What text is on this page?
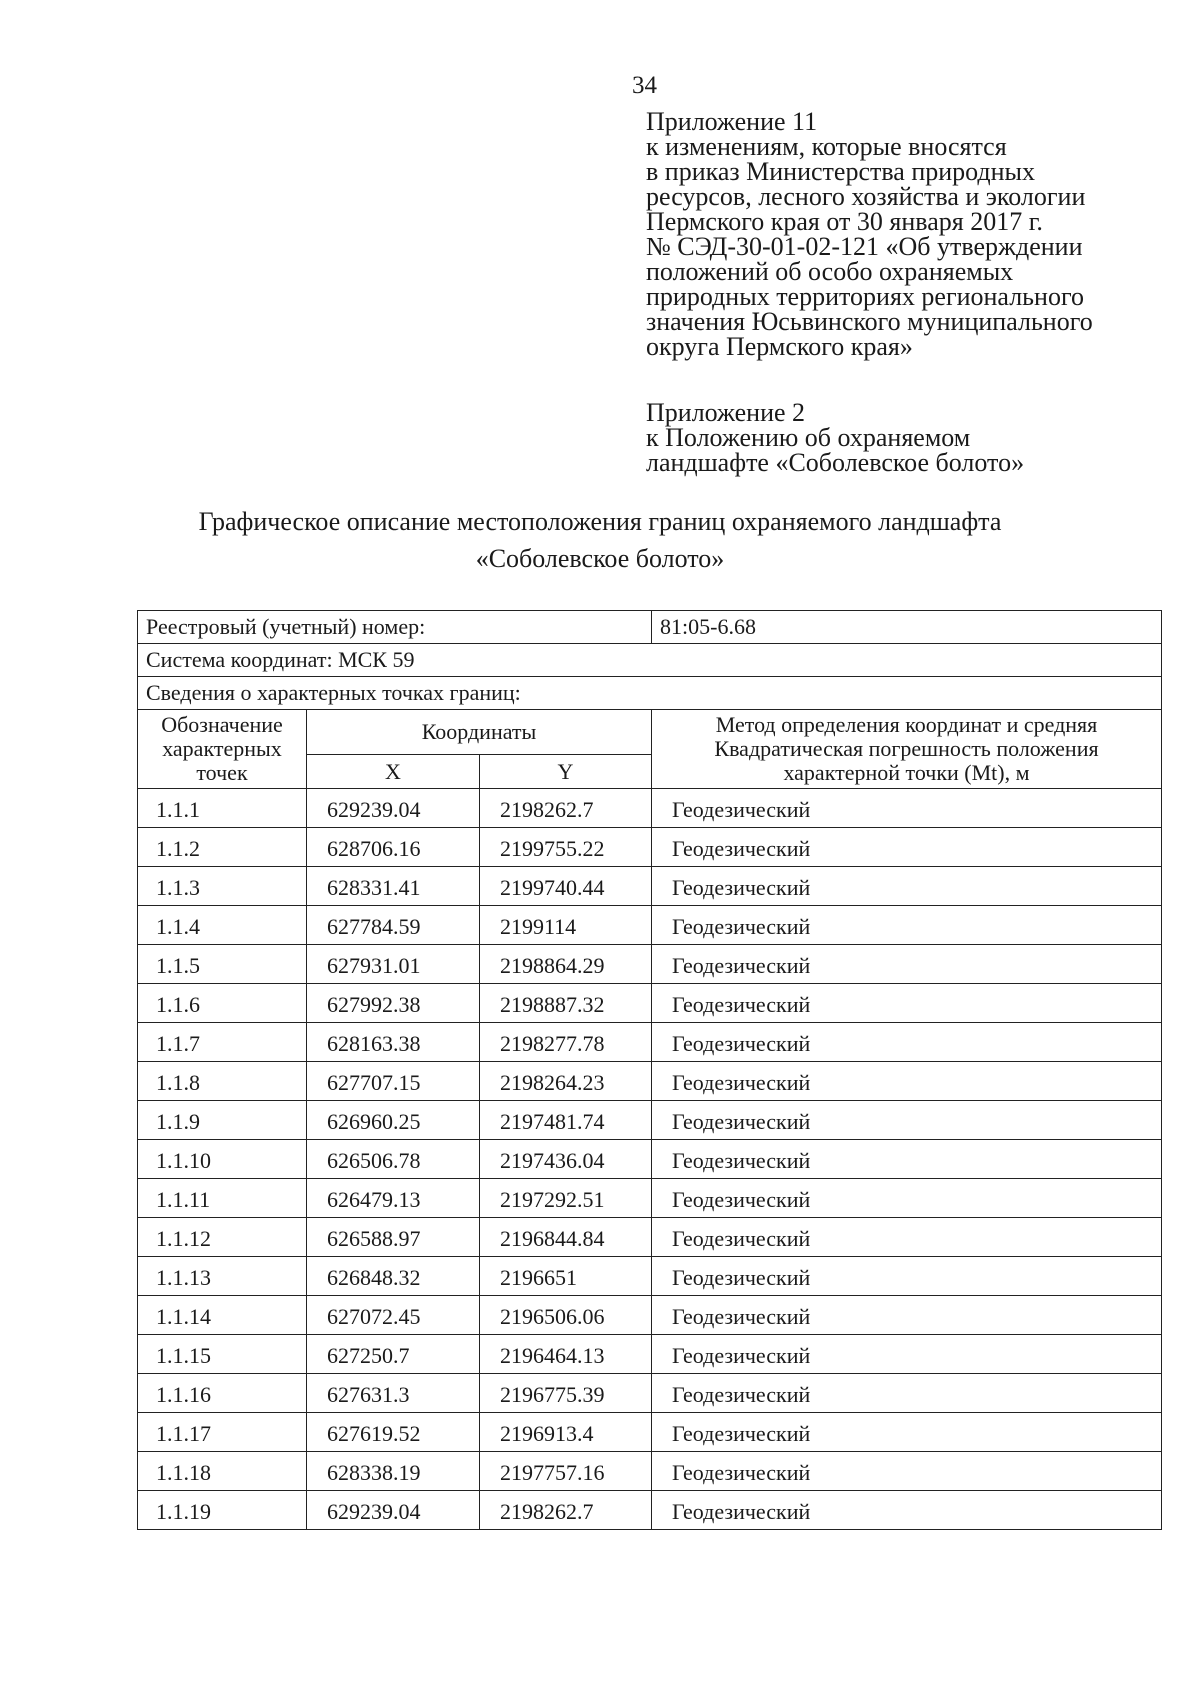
34
Приложение 11
к изменениям, которые вносятся
в приказ Министерства природных
ресурсов, лесного хозяйства и экологии
Пермского края от 30 января 2017 г.
№ СЭД-30-01-02-121 «Об утверждении
положений об особо охраняемых
природных территориях регионального
значения Юсьвинского муниципального
округа Пермского края»
Приложение 2
к Положению об охраняемом
ландшафте «Соболевское болото»
Графическое описание местоположения границ охраняемого ландшафта
«Соболевское болото»
Реестровый (учетный) номер:			81:05-6.68
Система координат: МСК 59			
Сведения о характерных точках границ:			
Обозначение характерных точек	Координаты		Метод определения координат и средняя Квадратическая погрешность положения характерной точки (Mt), м
	X	Y	
1.1.1	629239.04	2198262.7	Геодезический
1.1.2	628706.16	2199755.22	Геодезический
1.1.3	628331.41	2199740.44	Геодезический
1.1.4	627784.59	2199114	Геодезический
1.1.5	627931.01	2198864.29	Геодезический
1.1.6	627992.38	2198887.32	Геодезический
1.1.7	628163.38	2198277.78	Геодезический
1.1.8	627707.15	2198264.23	Геодезический
1.1.9	626960.25	2197481.74	Геодезический
1.1.10	626506.78	2197436.04	Геодезический
1.1.11	626479.13	2197292.51	Геодезический
1.1.12	626588.97	2196844.84	Геодезический
1.1.13	626848.32	2196651	Геодезический
1.1.14	627072.45	2196506.06	Геодезический
1.1.15	627250.7	2196464.13	Геодезический
1.1.16	627631.3	2196775.39	Геодезический
1.1.17	627619.52	2196913.4	Геодезический
1.1.18	628338.19	2197757.16	Геодезический
1.1.19	629239.04	2198262.7	Геодезический
